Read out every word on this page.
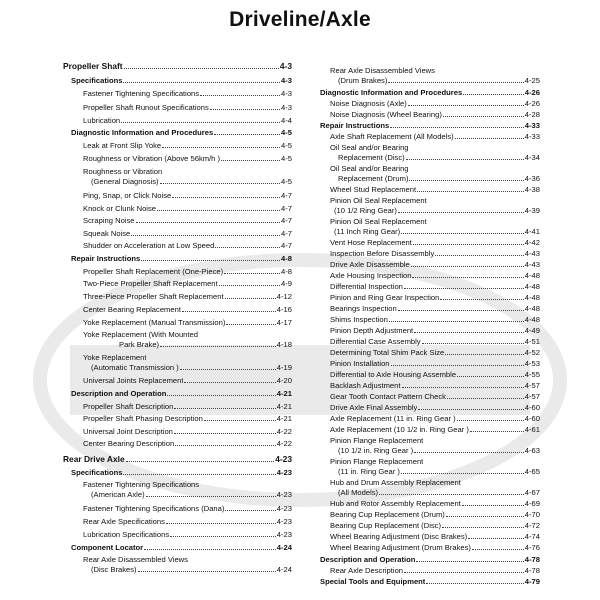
Driveline/Axle
Propeller Shaft	4-3
Specifications	4-3
Fastener Tightening Specifications	4-3
Propeller Shaft Runout Specifications	4-3
Lubrication	4-4
Diagnostic Information and Procedures	4-5
Leak at Front Slip Yoke	4-5
Roughness or Vibration (Above 56km/h )	4-5
Roughness or Vibration
(General Diagnosis)	4-5
Ping, Snap, or Click Noise	4-7
Knock or Clunk Noise	4-7
Scraping Noise	4-7
Squeak Noise	4-7
Shudder on Acceleration at Low Speed	4-7
Repair Instructions	4-8
Propeller Shaft Replacement (One-Piece)	4-8
Two-Piece Propeller Shaft Replacement	4-9
Three-Piece Propeller Shaft Replacement	4-12
Center Bearing Replacement	4-16
Yoke Replacement (Manual Transmission)	4-17
Yoke Replacement (With Mounted
Park Brake)	4-18
Yoke Replacement
(Automatic Transmission )	4-19
Universal Joints Replacement	4-20
Description and Operation	4-21
Propeller Shaft Description	4-21
Propeller Shaft Phasing Description	4-21
Universal Joint Description	4-22
Center Bearing Description	4-22
Rear Drive Axle	4-23
Specifications	4-23
Fastener Tightening Specifications
(American Axle)	4-23
Fastener Tightening Specifications (Dana)	4-23
Rear Axle Specifications	4-23
Lubrication Specifications	4-23
Component Locator	4-24
Rear Axle Disassembled Views
(Disc Brakes)	4-24
Rear Axle Disassembled Views
(Drum Brakes)	4-25
Diagnostic Information and Procedures	4-26
Noise Diagnosis (Axle)	4-26
Noise Diagnosis (Wheel Bearing)	4-28
Repair Instructions	4-33
Axle Shaft Replacement (All Models)	4-33
Oil Seal and/or Bearing
Replacement (Disc)	4-34
Oil Seal and/or Bearing
Replacement (Drum)	4-36
Wheel Stud Replacement	4-38
Pinion Oil Seal Replacement
(10 1/2 Ring Gear)	4-39
Pinion Oil Seal Replacement
(11 Inch Ring Gear)	4-41
Vent Hose Replacement	4-42
Inspection Before Disassembly	4-43
Drive Axle Disassemble	4-43
Axle Housing Inspection	4-48
Differential Inspection	4-48
Pinion and Ring Gear Inspection	4-48
Bearings Inspection	4-48
Shims Inspection	4-48
Pinion Depth Adjustment	4-49
Differential Case Assembly	4-51
Determining Total Shim Pack Size	4-52
Pinion Installation	4-53
Differential to Axle Housing Assemble	4-55
Backlash Adjustment	4-57
Gear Tooth Contact Pattern Check	4-57
Drive Axle Final Assembly	4-60
Axle Replacement (11 in. Ring Gear )	4-60
Axle Replacement (10 1/2 in. Ring Gear )	4-61
Pinion Flange Replacement
(10 1/2 in. Ring Gear )	4-63
Pinion Flange Replacement
(11 in. Ring Gear )	4-65
Hub and Drum Assembly Replacement
(All Models)	4-67
Hub and Rotor Assembly Replacement	4-69
Bearing Cup Replacement (Drum)	4-70
Bearing Cup Replacement (Disc)	4-72
Wheel Bearing Adjustment (Disc Brakes)	4-74
Wheel Bearing Adjustment (Drum Brakes)	4-76
Description and Operation	4-78
Rear Axle Description	4-78
Special Tools and Equipment	4-79
